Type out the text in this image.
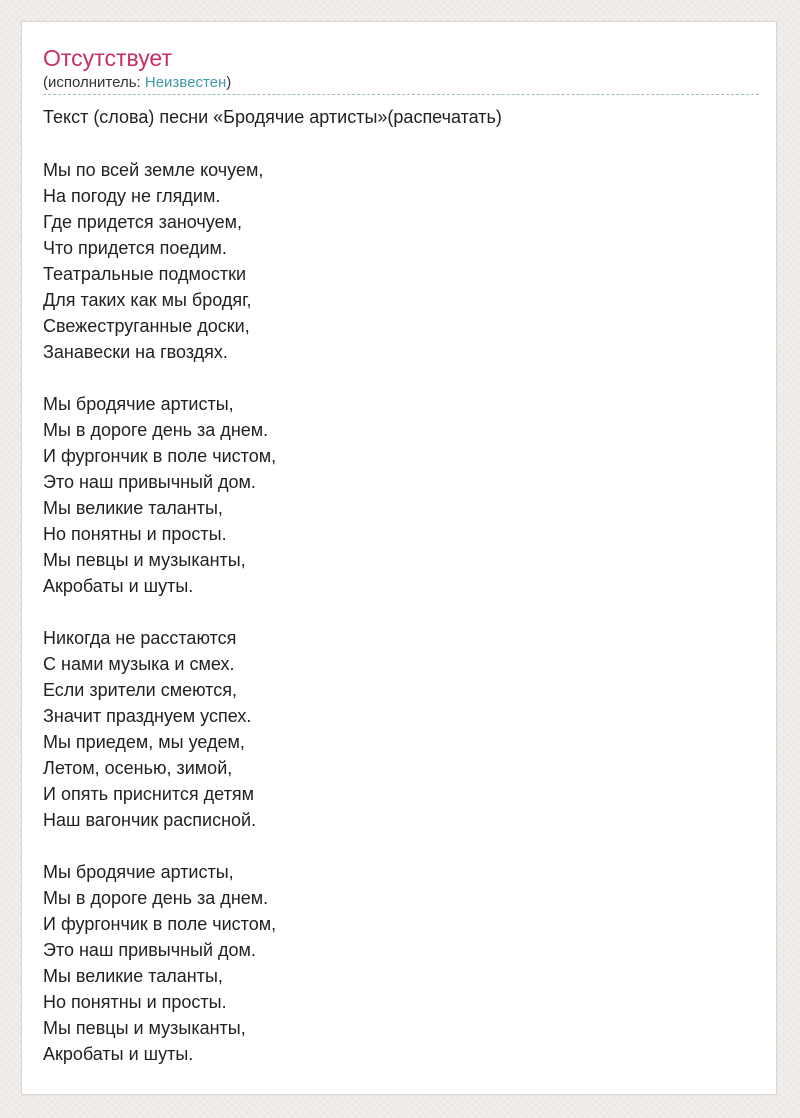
Отсутствует
(исполнитель: Неизвестен)
Текст (слова) песни «Бродячие артисты»(распечатать)
Мы по всей земле кочуем,
На погоду не глядим.
Где придется заночуем,
Что придется поедим.
Театральные подмостки
Для таких как мы бродяг,
Свежеструганные доски,
Занавески на гвоздях.
Мы бродячие артисты,
Мы в дороге день за днем.
И фургончик в поле чистом,
Это наш привычный дом.
Мы великие таланты,
Но понятны и просты.
Мы певцы и музыканты,
Акробаты и шуты.
Никогда не расстаются
С нами музыка и смех.
Если зрители смеются,
Значит празднуем успех.
Мы приедем, мы уедем,
Летом, осенью, зимой,
И опять приснится детям
Наш вагончик расписной.
Мы бродячие артисты,
Мы в дороге день за днем.
И фургончик в поле чистом,
Это наш привычный дом.
Мы великие таланты,
Но понятны и просты.
Мы певцы и музыканты,
Акробаты и шуты.
